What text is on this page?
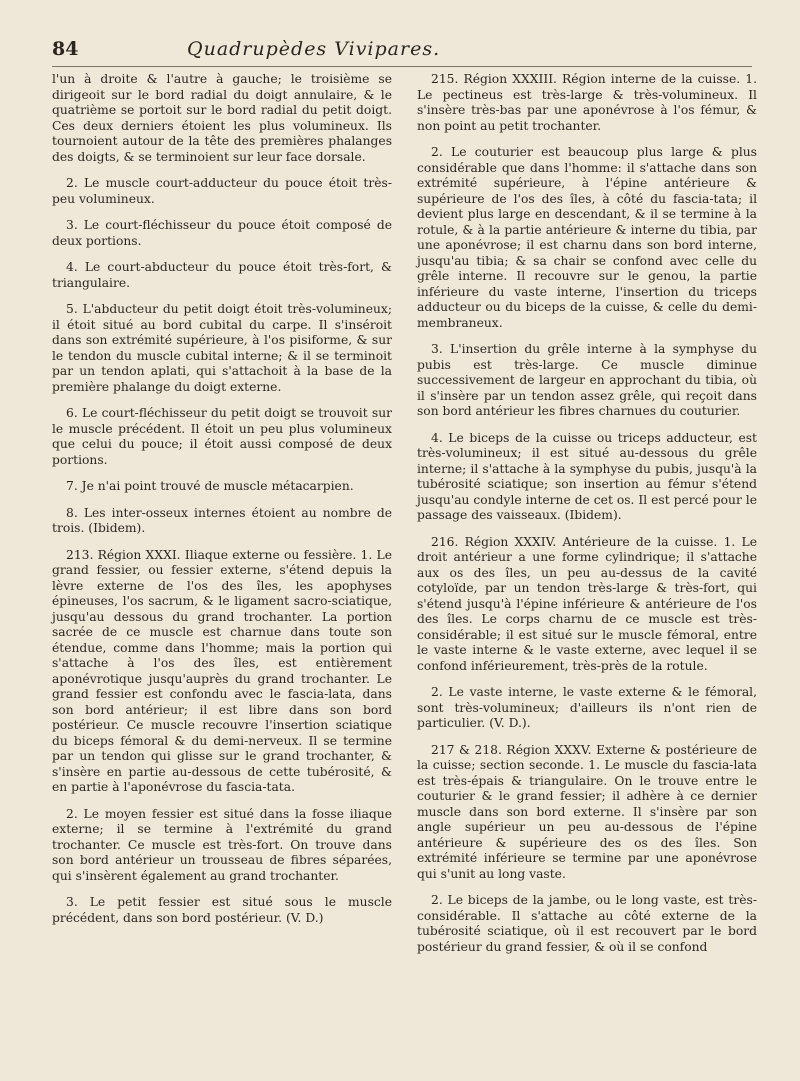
84	Quadrupèdes Vivipares.

l'un à droite & l'autre à gauche; le troisième se dirigeoit sur le bord radial du doigt annulaire, & le quatrième se portoit sur le bord radial du petit doigt. Ces deux derniers étoient les plus volumineux. Ils tournoient autour de la tête des premières phalanges des doigts, & se terminoient sur leur face dorsale.

2. Le muscle court-adducteur du pouce étoit très-peu volumineux.

3. Le court-fléchisseur du pouce étoit composé de deux portions.

4. Le court-abducteur du pouce étoit très-fort, & triangulaire.

5. L'abducteur du petit doigt étoit très-volumineux; il étoit situé au bord cubital du carpe. Il s'inséroit dans son extrémité supérieure, à l'os pisiforme, & sur le tendon du muscle cubital interne; & il se terminoit par un tendon aplati, qui s'attachoit à la base de la première phalange du doigt externe.

6. Le court-fléchisseur du petit doigt se trouvoit sur le muscle précédent. Il étoit un peu plus volumineux que celui du pouce; il étoit aussi composé de deux portions.

7. Je n'ai point trouvé de muscle métacarpien.

8. Les inter-osseux internes étoient au nombre de trois. (Ibidem).

213. Région XXXI. Iliaque externe ou fessière. 1. Le grand fessier, ou fessier externe, s'étend depuis la lèvre externe de l'os des îles, les apophyses épineuses, l'os sacrum, & le ligament sacro-sciatique, jusqu'au dessous du grand trochanter. La portion sacrée de ce muscle est charnue dans toute son étendue, comme dans l'homme; mais la portion qui s'attache à l'os des îles, est entièrement aponévrotique jusqu'auprès du grand trochanter. Le grand fessier est confondu avec le fascia-lata, dans son bord antérieur; il est libre dans son bord postérieur. Ce muscle recouvre l'insertion sciatique du biceps fémoral & du demi-nerveux. Il se termine par un tendon qui glisse sur le grand trochanter, & s'insère en partie au-dessous de cette tubérosité, & en partie à l'aponévrose du fascia-tata.

2. Le moyen fessier est situé dans la fosse iliaque externe; il se termine à l'extrémité du grand trochanter. Ce muscle est très-fort. On trouve dans son bord antérieur un trousseau de fibres séparées, qui s'insèrent également au grand trochanter.

3. Le petit fessier est situé sous le muscle précédent, dans son bord postérieur. (V. D.)

215. Région XXXIII. Région interne de la cuisse. 1. Le pectineus est très-large & très-volumineux. Il s'insère très-bas par une aponévrose à l'os fémur, & non point au petit trochanter.

2. Le couturier est beaucoup plus large & plus considérable que dans l'homme: il s'attache dans son extrémité supérieure, à l'épine antérieure & supérieure de l'os des îles, à côté du fascia-tata; il devient plus large en descendant, & il se termine à la rotule, & à la partie antérieure & interne du tibia, par une aponévrose; il est charnu dans son bord interne, jusqu'au tibia; & sa chair se confond avec celle du grêle interne. Il recouvre sur le genou, la partie inférieure du vaste interne, l'insertion du triceps adducteur ou du biceps de la cuisse, & celle du demi-membraneux.

3. L'insertion du grêle interne à la symphyse du pubis est très-large. Ce muscle diminue successivement de largeur en approchant du tibia, où il s'insère par un tendon assez grêle, qui reçoit dans son bord antérieur les fibres charnues du couturier.

4. Le biceps de la cuisse ou triceps adducteur, est très-volumineux; il est situé au-dessous du grêle interne; il s'attache à la symphyse du pubis, jusqu'à la tubérosité sciatique; son insertion au fémur s'étend jusqu'au condyle interne de cet os. Il est percé pour le passage des vaisseaux. (Ibidem).

216. Région XXXIV. Antérieure de la cuisse. 1. Le droit antérieur a une forme cylindrique; il s'attache aux os des îles, un peu au-dessus de la cavité cotyloïde, par un tendon très-large & très-fort, qui s'étend jusqu'à l'épine inférieure & antérieure de l'os des îles. Le corps charnu de ce muscle est très-considérable; il est situé sur le muscle fémoral, entre le vaste interne & le vaste externe, avec lequel il se confond inférieurement, très-près de la rotule.

2. Le vaste interne, le vaste externe & le fémoral, sont très-volumineux; d'ailleurs ils n'ont rien de particulier. (V. D.).

217 & 218. Région XXXV. Externe & postérieure de la cuisse; section seconde. 1. Le muscle du fascia-lata est très-épais & triangulaire. On le trouve entre le couturier & le grand fessier; il adhère à ce dernier muscle dans son bord externe. Il s'insère par son angle supérieur un peu au-dessous de l'épine antérieure & supérieure des os des îles. Son extrémité inférieure se termine par une aponévrose qui s'unit au long vaste.

2. Le biceps de la jambe, ou le long vaste, est très-considérable. Il s'attache au côté externe de la tubérosité sciatique, où il est recouvert par le bord postérieur du grand fessier, & où il se confond
